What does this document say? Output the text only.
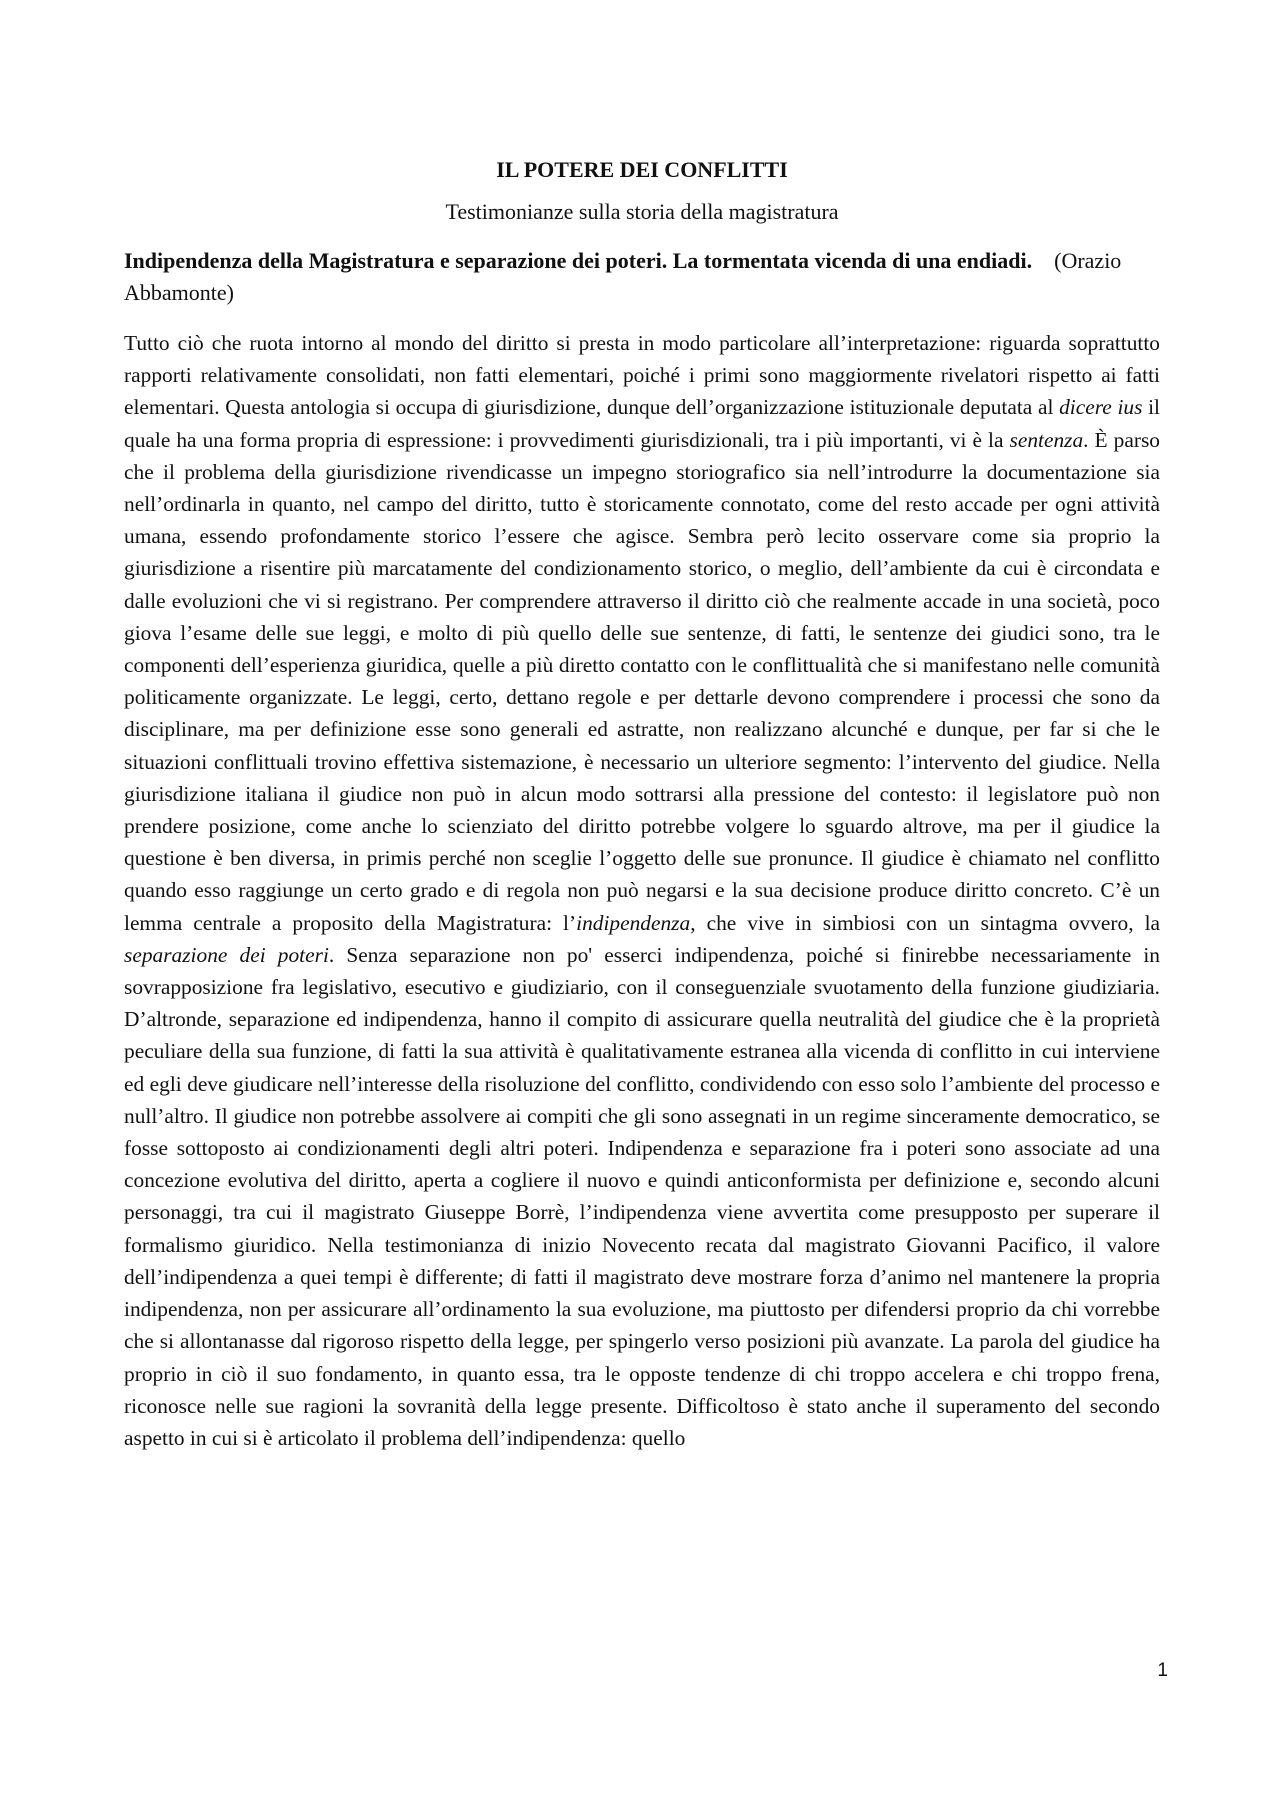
IL POTERE DEI CONFLITTI

Testimonianze sulla storia della magistratura

Indipendenza della Magistratura e separazione dei poteri. La tormentata vicenda di una endiadi. (Orazio Abbamonte)

Tutto ciò che ruota intorno al mondo del diritto si presta in modo particolare all’interpretazione: riguarda soprattutto rapporti relativamente consolidati, non fatti elementari, poiché i primi sono maggiormente rivelatori rispetto ai fatti elementari. Questa antologia si occupa di giurisdizione, dunque dell’organizzazione istituzionale deputata al dicere ius il quale ha una forma propria di espressione: i provvedimenti giurisdizionali, tra i più importanti, vi è la sentenza. È parso che il problema della giurisdizione rivendicasse un impegno storiografico sia nell’introdurre la documentazione sia nell’ordinarla in quanto, nel campo del diritto, tutto è storicamente connotato, come del resto accade per ogni attività umana, essendo profondamente storico l’essere che agisce. Sembra però lecito osservare come sia proprio la giurisdizione a risentire più marcatamente del condizionamento storico, o meglio, dell’ambiente da cui è circondata e dalle evoluzioni che vi si registrano. Per comprendere attraverso il diritto ciò che realmente accade in una società, poco giova l’esame delle sue leggi, e molto di più quello delle sue sentenze, di fatti, le sentenze dei giudici sono, tra le componenti dell’esperienza giuridica, quelle a più diretto contatto con le conflittualità che si manifestano nelle comunità politicamente organizzate. Le leggi, certo, dettano regole e per dettarle devono comprendere i processi che sono da disciplinare, ma per definizione esse sono generali ed astratte, non realizzano alcunché e dunque, per far si che le situazioni conflittuali trovino effettiva sistemazione, è necessario un ulteriore segmento: l’intervento del giudice. Nella giurisdizione italiana il giudice non può in alcun modo sottrarsi alla pressione del contesto: il legislatore può non prendere posizione, come anche lo scienziato del diritto potrebbe volgere lo sguardo altrove, ma per il giudice la questione è ben diversa, in primis perché non sceglie l’oggetto delle sue pronunce. Il giudice è chiamato nel conflitto quando esso raggiunge un certo grado e di regola non può negarsi e la sua decisione produce diritto concreto. C’è un lemma centrale a proposito della Magistratura: l’indipendenza, che vive in simbiosi con un sintagma ovvero, la separazione dei poteri. Senza separazione non po' esserci indipendenza, poiché si finirebbe necessariamente in sovrapposizione fra legislativo, esecutivo e giudiziario, con il conseguenziale svuotamento della funzione giudiziaria. D’altronde, separazione ed indipendenza, hanno il compito di assicurare quella neutralità del giudice che è la proprietà peculiare della sua funzione, di fatti la sua attività è qualitativamente estranea alla vicenda di conflitto in cui interviene ed egli deve giudicare nell’interesse della risoluzione del conflitto, condividendo con esso solo l’ambiente del processo e null’altro. Il giudice non potrebbe assolvere ai compiti che gli sono assegnati in un regime sinceramente democratico, se fosse sottoposto ai condizionamenti degli altri poteri. Indipendenza e separazione fra i poteri sono associate ad una concezione evolutiva del diritto, aperta a cogliere il nuovo e quindi anticonformista per definizione e, secondo alcuni personaggi, tra cui il magistrato Giuseppe Borrè, l’indipendenza viene avvertita come presupposto per superare il formalismo giuridico. Nella testimonianza di inizio Novecento recata dal magistrato Giovanni Pacifico, il valore dell’indipendenza a quei tempi è differente; di fatti il magistrato deve mostrare forza d’animo nel mantenere la propria indipendenza, non per assicurare all’ordinamento la sua evoluzione, ma piuttosto per difendersi proprio da chi vorrebbe che si allontanasse dal rigoroso rispetto della legge, per spingerlo verso posizioni più avanzate. La parola del giudice ha proprio in ciò il suo fondamento, in quanto essa, tra le opposte tendenze di chi troppo accelera e chi troppo frena, riconosce nelle sue ragioni la sovranità della legge presente. Difficoltoso è stato anche il superamento del secondo aspetto in cui si è articolato il problema dell’indipendenza: quello

1
